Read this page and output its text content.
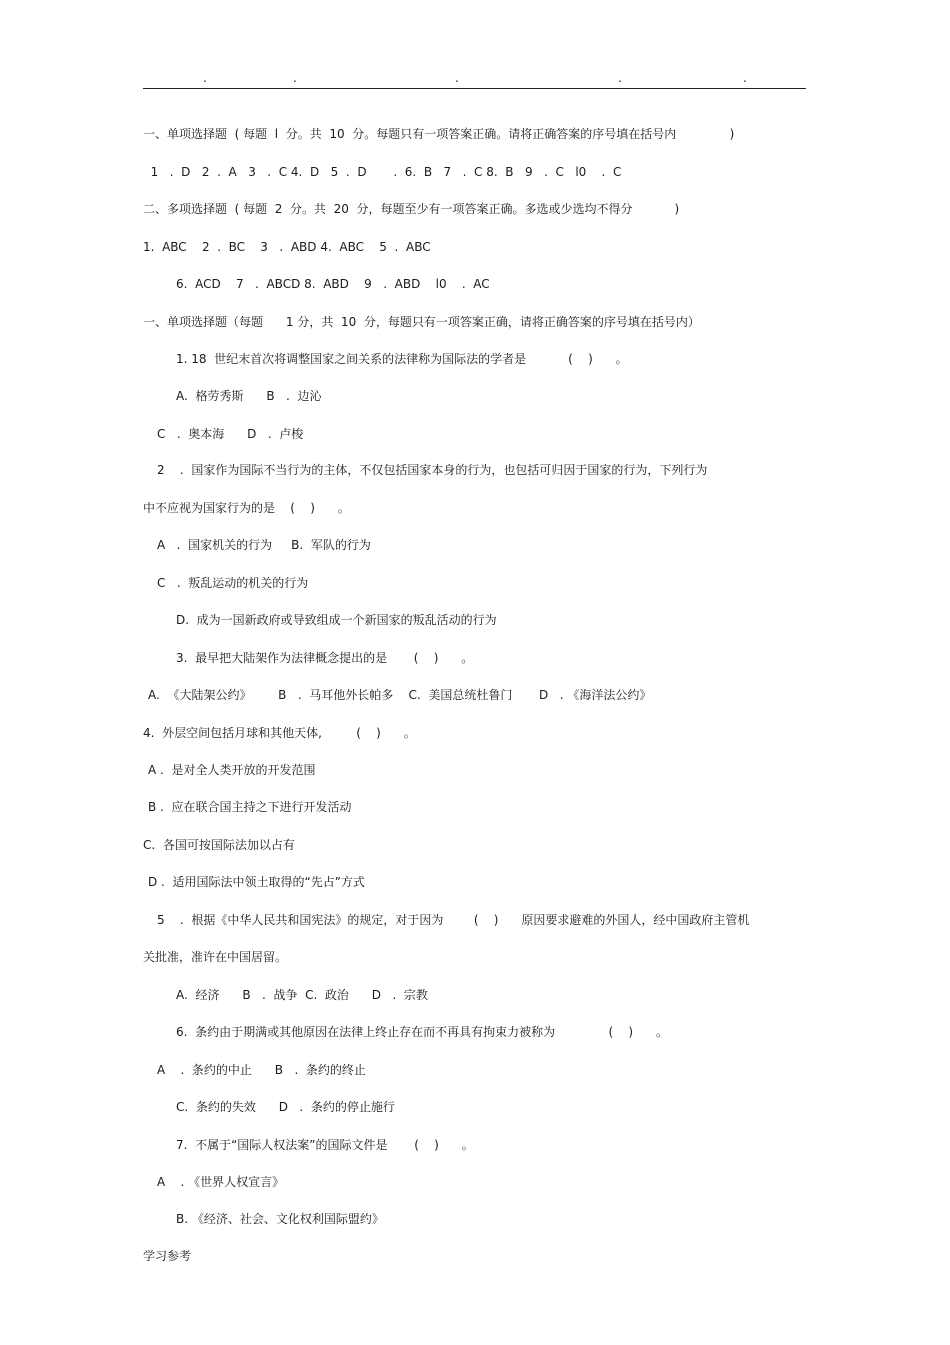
.	.	.	.	.
一、单项选择题  ( 每题  l  分。共  10  分。每题只有一项答案正确。请将正确答案的序号填在括号内              )
1   .  D   2  .  A   3   .  C 4.  D   5  .  D       .  6.  B   7   .  C 8.  B   9   .  C   l0    .  C
二、多项选择题  ( 每题  2  分。共  20  分，每题至少有一项答案正确。多选或少选均不得分           )
1.  ABC    2  .  BC    3   .  ABD 4.  ABC    5  .  ABC
6.  ACD    7   .  ABCD 8.  ABD    9   .  ABD    l0    .  AC
一、单项选择题（每题      1 分，共  10  分，每题只有一项答案正确，请将正确答案的序号填在括号内）
1. 18  世纪末首次将调整国家之间关系的法律称为国际法的学者是           (    )      。
A.  格劳秀斯      B   .  边沁
C   .  奥本海      D   .  卢梭
2    .  国家作为国际不当行为的主体，不仅包括国家本身的行为，也包括可归因于国家的行为，下列行为
中不应视为国家行为的是    (    )      。
A   .  国家机关的行为     B.  军队的行为
C   .  叛乱运动的机关的行为
D.  成为一国新政府或导致组成一个新国家的叛乱活动的行为
3.  最早把大陆架作为法律概念提出的是       (    )      。
A.  《大陆架公约》       B   .  马耳他外长帕多    C.  美国总统杜鲁门       D   . 《海洋法公约》
4.  外层空间包括月球和其他天体,         (    )      。
A .  是对全人类开放的开发范围
B .  应在联合国主持之下进行开发活动
C.  各国可按国际法加以占有
D .  适用国际法中领土取得的“先占”方式
5    .  根据《中华人民共和国宪法》的规定，对于因为        (    )      原因要求避难的外国人，经中国政府主管机
关批准，准许在中国居留。
A.  经济      B   .  战争  C.  政治      D   .  宗教
6.  条约由于期满或其他原因在法律上终止存在而不再具有拘束力被称为              (    )      。
A    .  条约的中止      B   .  条约的终止
C.  条约的失效      D   .  条约的停止施行
7.  不属于“国际人权法案”的国际文件是       (    )      。
A    . 《世界人权宣言》
B. 《经济、社会、文化权利国际盟约》
学习参考
